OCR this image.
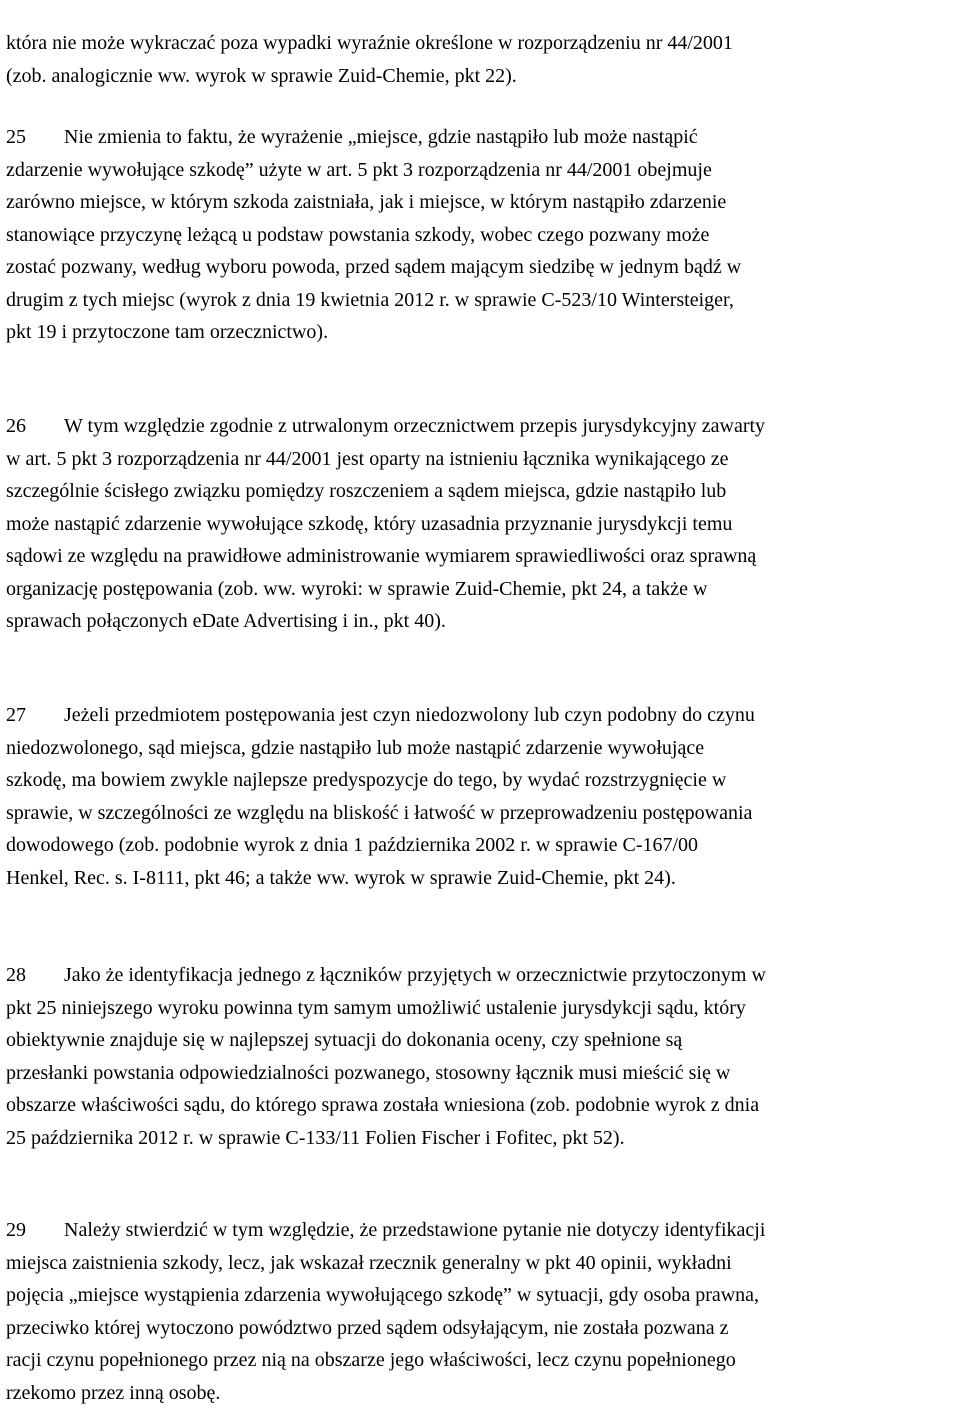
która nie może wykraczać poza wypadki wyraźnie określone w rozporządzeniu nr 44/2001
(zob. analogicznie ww. wyrok w sprawie Zuid-Chemie, pkt 22).
25 Nie zmienia to faktu, że wyrażenie „miejsce, gdzie nastąpiło lub może nastąpić
zdarzenie wywołujące szkodę” użyte w art. 5 pkt 3 rozporządzenia nr 44/2001 obejmuje
zarówno miejsce, w którym szkoda zaistniała, jak i miejsce, w którym nastąpiło zdarzenie
stanowiące przyczynę leżącą u podstaw powstania szkody, wobec czego pozwany może
zostać pozwany, według wyboru powoda, przed sądem mającym siedzibę w jednym bądź w
drugim z tych miejsc (wyrok z dnia 19 kwietnia 2012 r. w sprawie C‑523/10 Wintersteiger,
pkt 19 i przytoczone tam orzecznictwo).
26 W tym względzie zgodnie z utrwalonym orzecznictwem przepis jurysdykcyjny zawarty
w art. 5 pkt 3 rozporządzenia nr 44/2001 jest oparty na istnieniu łącznika wynikającego ze
szczególnie ścisłego związku pomiędzy roszczeniem a sądem miejsca, gdzie nastąpiło lub
może nastąpić zdarzenie wywołujące szkodę, który uzasadnia przyznanie jurysdykcji temu
sądowi ze względu na prawidłowe administrowanie wymiarem sprawiedliwości oraz sprawną
organizację postępowania (zob. ww. wyroki: w sprawie Zuid-Chemie, pkt 24, a także w
sprawach połączonych eDate Advertising i in., pkt 40).
27 Jeżeli przedmiotem postępowania jest czyn niedozwolony lub czyn podobny do czynu
niedozwolonego, sąd miejsca, gdzie nastąpiło lub może nastąpić zdarzenie wywołujące
szkodę, ma bowiem zwykle najlepsze predyspozycje do tego, by wydać rozstrzygnięcie w
sprawie, w szczególności ze względu na bliskość i łatwość w przeprowadzeniu postępowania
dowodowego (zob. podobnie wyrok z dnia 1 października 2002 r. w sprawie C‑167/00
Henkel, Rec. s. I‑8111, pkt 46; a także ww. wyrok w sprawie Zuid-Chemie, pkt 24).
28 Jako że identyfikacja jednego z łączników przyjętych w orzecznictwie przytoczonym w
pkt 25 niniejszego wyroku powinna tym samym umożliwić ustalenie jurysdykcji sądu, który
obiektywnie znajduje się w najlepszej sytuacji do dokonania oceny, czy spełnione są
przesłanki powstania odpowiedzialności pozwanego, stosowny łącznik musi mieścić się w
obszarze właściwości sądu, do którego sprawa została wniesiona (zob. podobnie wyrok z dnia
25 października 2012 r. w sprawie C‑133/11 Folien Fischer i Fofitec, pkt 52).
29 Należy stwierdzić w tym względzie, że przedstawione pytanie nie dotyczy identyfikacji
miejsca zaistnienia szkody, lecz, jak wskazał rzecznik generalny w pkt 40 opinii, wykładni
pojęcia „miejsce wystąpienia zdarzenia wywołującego szkodę” w sytuacji, gdy osoba prawna,
przeciwko której wytoczono powództwo przed sądem odsyłającym, nie została pozwana z
racji czynu popełnionego przez nią na obszarze jego właściwości, lecz czynu popełnionego
rzekomo przez inną osobę.
